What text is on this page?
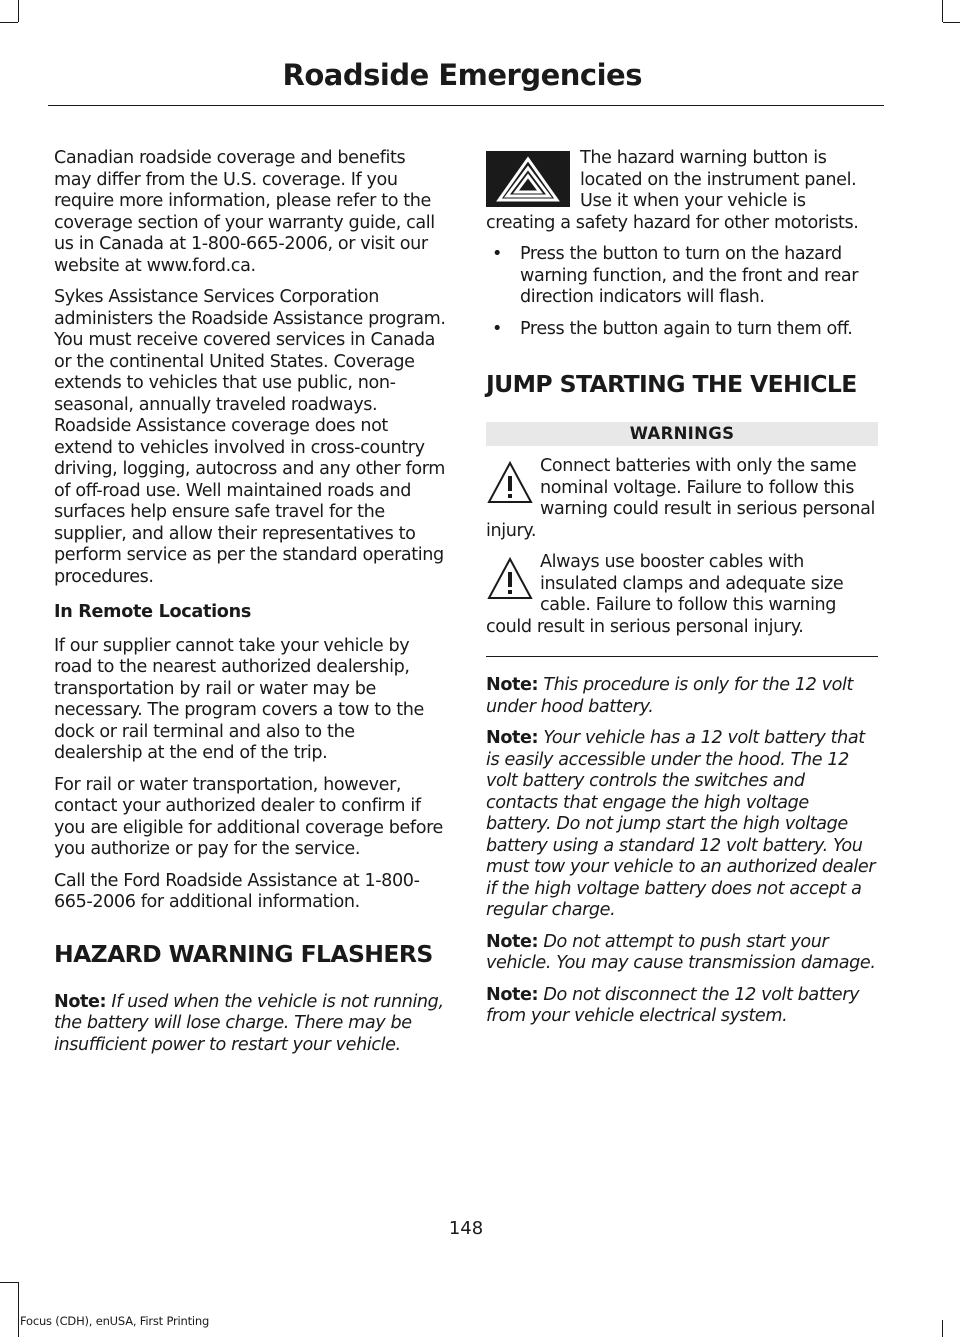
Roadside Emergencies

Canadian roadside coverage and benefits may differ from the U.S. coverage. If you require more information, please refer to the coverage section of your warranty guide, call us in Canada at 1-800-665-2006, or visit our website at www.ford.ca.

Sykes Assistance Services Corporation administers the Roadside Assistance program. You must receive covered services in Canada or the continental United States. Coverage extends to vehicles that use public, non-seasonal, annually traveled roadways. Roadside Assistance coverage does not extend to vehicles involved in cross-country driving, logging, autocross and any other form of off-road use. Well maintained roads and surfaces help ensure safe travel for the supplier, and allow their representatives to perform service as per the standard operating procedures.

In Remote Locations

If our supplier cannot take your vehicle by road to the nearest authorized dealership, transportation by rail or water may be necessary. The program covers a tow to the dock or rail terminal and also to the dealership at the end of the trip.

For rail or water transportation, however, contact your authorized dealer to confirm if you are eligible for additional coverage before you authorize or pay for the service.

Call the Ford Roadside Assistance at 1-800-665-2006 for additional information.

HAZARD WARNING FLASHERS

Note: If used when the vehicle is not running, the battery will lose charge. There may be insufficient power to restart your vehicle.

The hazard warning button is located on the instrument panel. Use it when your vehicle is creating a safety hazard for other motorists.

• Press the button to turn on the hazard warning function, and the front and rear direction indicators will flash.
• Press the button again to turn them off.
JUMP STARTING THE VEHICLE
WARNINGS

Connect batteries with only the same nominal voltage. Failure to follow this warning could result in serious personal injury.

Always use booster cables with insulated clamps and adequate size cable. Failure to follow this warning could result in serious personal injury.

Note: This procedure is only for the 12 volt under hood battery.

Note: Your vehicle has a 12 volt battery that is easily accessible under the hood. The 12 volt battery controls the switches and contacts that engage the high voltage battery. Do not jump start the high voltage battery using a standard 12 volt battery. You must tow your vehicle to an authorized dealer if the high voltage battery does not accept a regular charge.

Note: Do not attempt to push start your vehicle. You may cause transmission damage.

Note: Do not disconnect the 12 volt battery from your vehicle electrical system.

148
Focus (CDH), enUSA, First Printing
